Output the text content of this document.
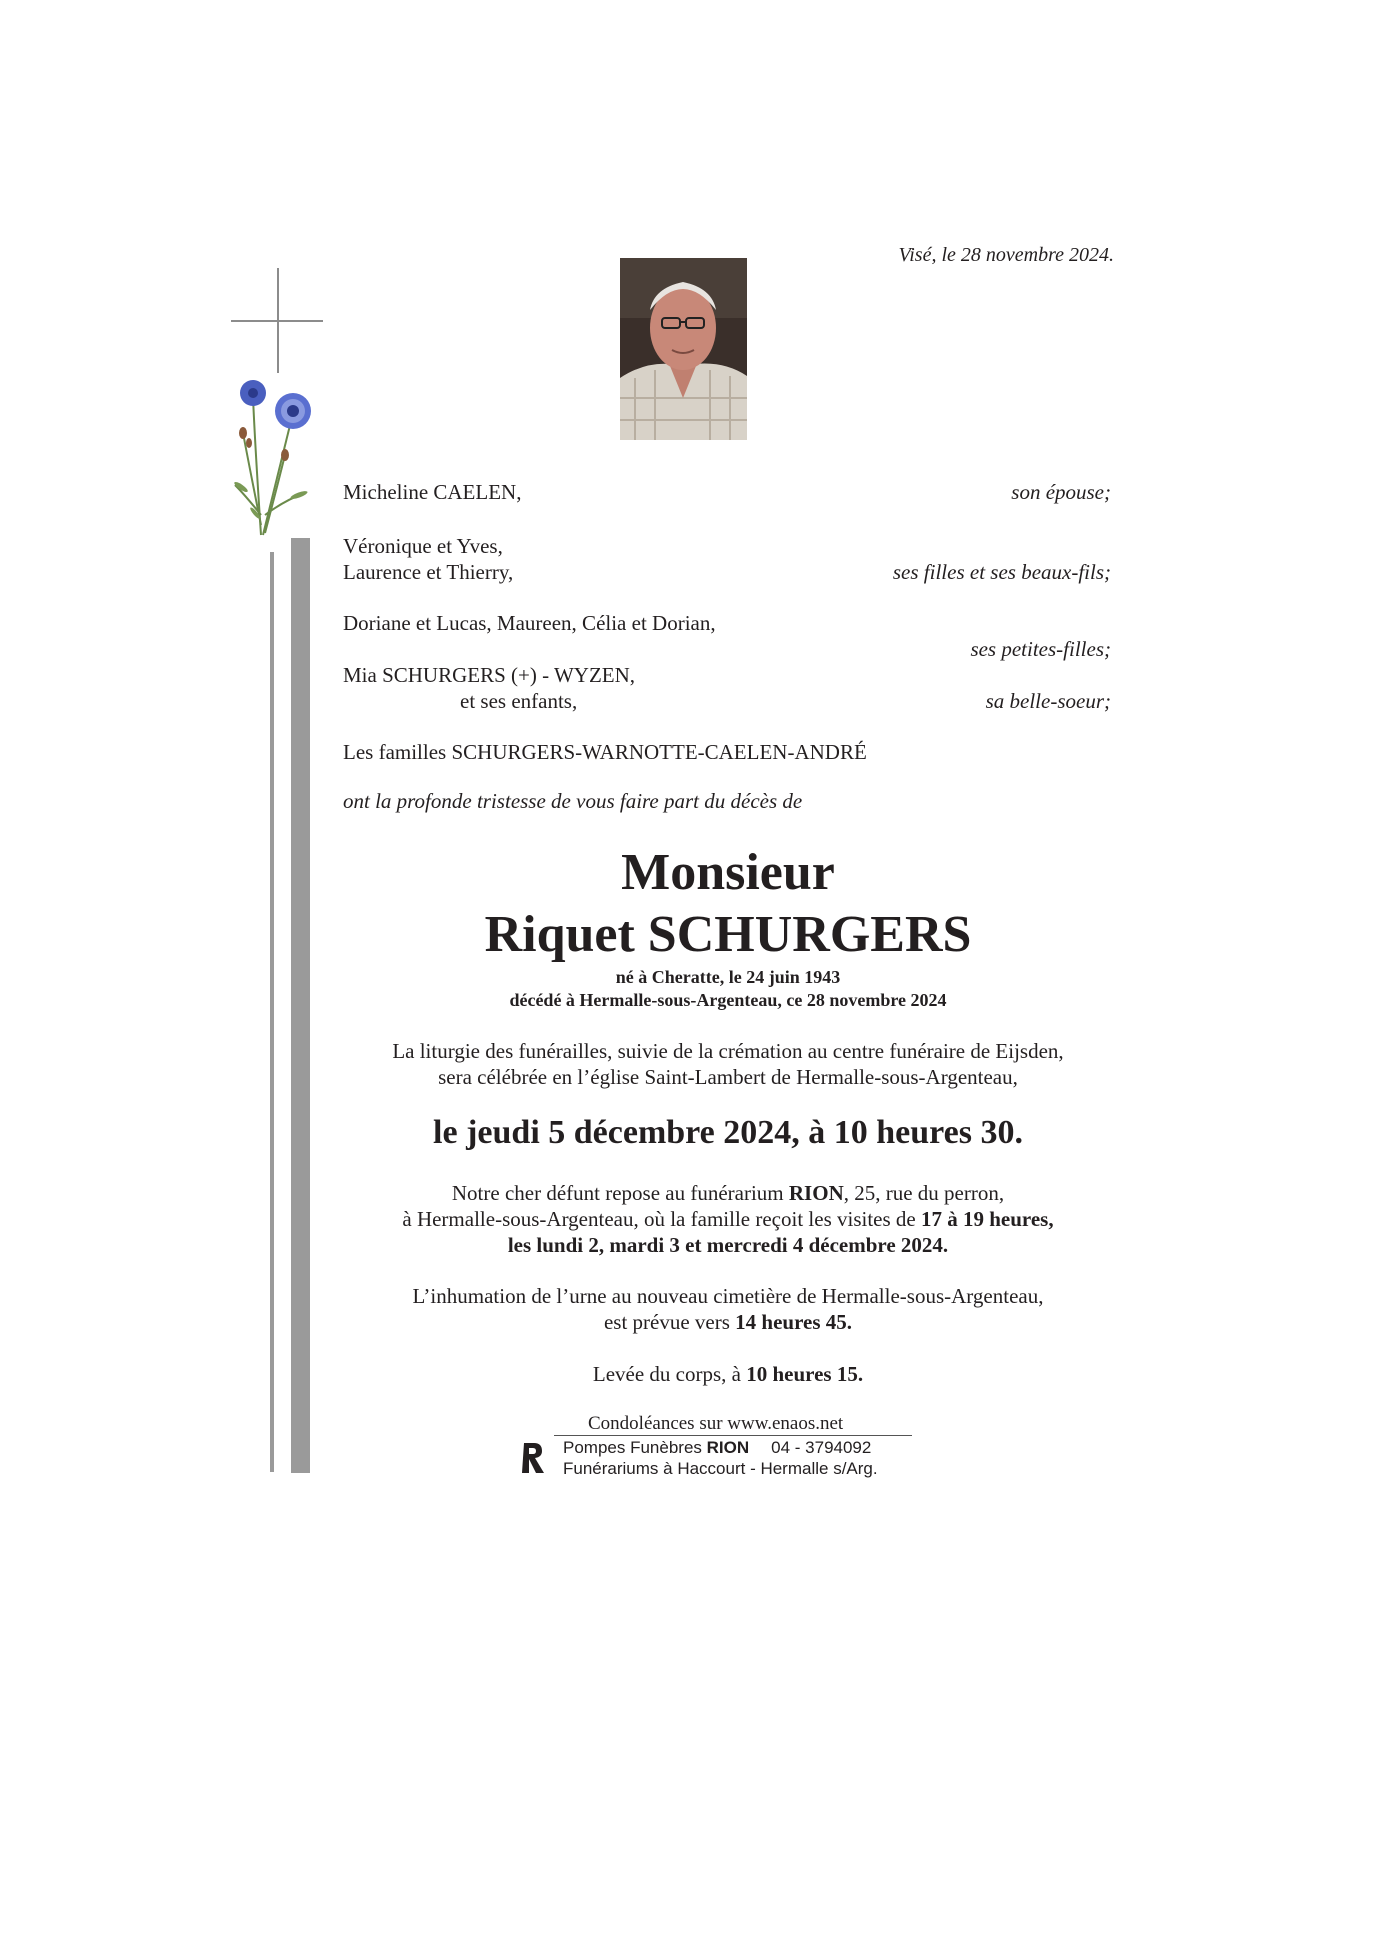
Visé, le 28 novembre 2024.
Micheline CAELEN,	son épouse;
Véronique et Yves,
Laurence et Thierry,	ses filles et ses beaux-fils;
Doriane et Lucas, Maureen, Célia et Dorian,
ses petites-filles;
Mia SCHURGERS (+) - WYZEN,
et ses enfants,	sa belle-soeur;
Les familles SCHURGERS-WARNOTTE-CAELEN-ANDRÉ
ont la profonde tristesse de vous faire part du décès de
Monsieur
Riquet SCHURGERS
né à Cheratte, le 24 juin 1943
décédé à Hermalle-sous-Argenteau, ce 28 novembre 2024
La liturgie des funérailles, suivie de la crémation au centre funéraire de Eijsden,
sera célébrée en l’église Saint-Lambert de Hermalle-sous-Argenteau,
le jeudi 5 décembre 2024, à 10 heures 30.
Notre cher défunt repose au funérarium RION, 25, rue du perron,
à Hermalle-sous-Argenteau, où la famille reçoit les visites de 17 à 19 heures,
les lundi 2, mardi 3 et mercredi 4 décembre 2024.
L’inhumation de l’urne au nouveau cimetière de Hermalle-sous-Argenteau,
est prévue vers 14 heures 45.
Levée du corps, à 10 heures 15.
Condoléances sur www.enaos.net
Pompes Funèbres RION 04 - 3794092
Funérariums à Haccourt - Hermalle s/Arg.
